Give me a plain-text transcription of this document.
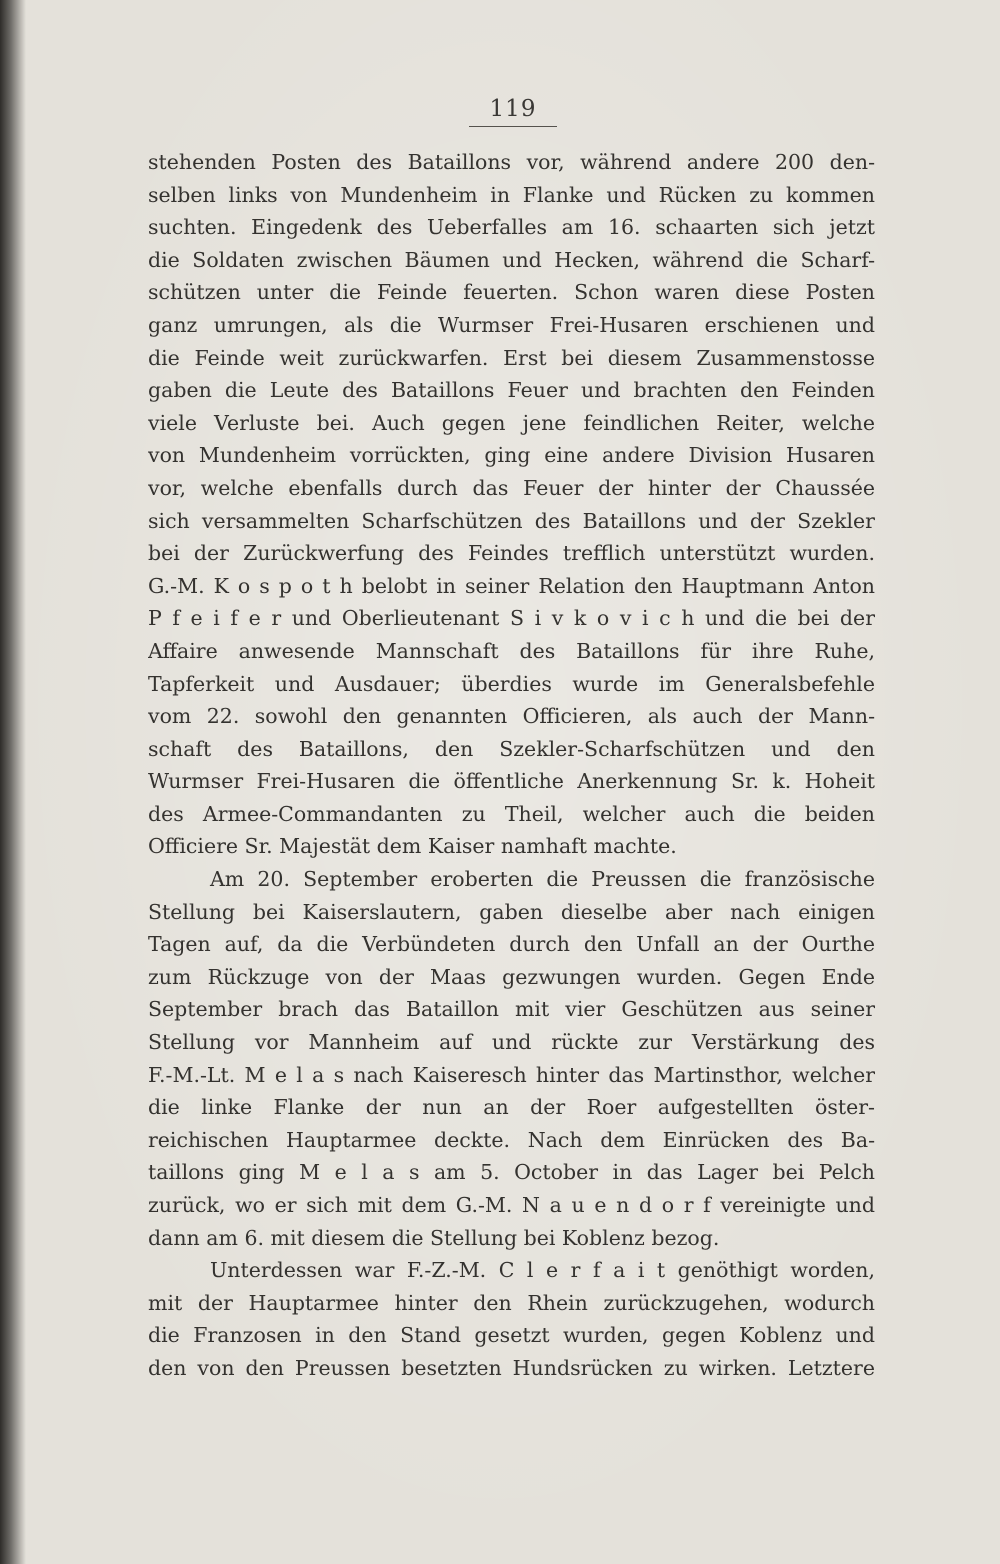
119
stehenden Posten des Bataillons vor, während andere 200 den-
selben links von Mundenheim in Flanke und Rücken zu kommen
suchten. Eingedenk des Ueberfalles am 16. schaarten sich jetzt
die Soldaten zwischen Bäumen und Hecken, während die Scharf-
schützen unter die Feinde feuerten. Schon waren diese Posten
ganz umrungen, als die Wurmser Frei-Husaren erschienen und
die Feinde weit zurückwarfen. Erst bei diesem Zusammenstosse
gaben die Leute des Bataillons Feuer und brachten den Feinden
viele Verluste bei. Auch gegen jene feindlichen Reiter, welche
von Mundenheim vorrückten, ging eine andere Division Husaren
vor, welche ebenfalls durch das Feuer der hinter der Chaussée
sich versammelten Scharfschützen des Bataillons und der Szekler
bei der Zurückwerfung des Feindes trefflich unterstützt wurden.
G.-M. K o s p o t h belobt in seiner Relation den Hauptmann Anton
P f e i f e r und Oberlieutenant S i v k o v i c h und die bei der
Affaire anwesende Mannschaft des Bataillons für ihre Ruhe,
Tapferkeit und Ausdauer; überdies wurde im Generalsbefehle
vom 22. sowohl den genannten Officieren, als auch der Mann-
schaft des Bataillons, den Szekler-Scharfschützen und den
Wurmser Frei-Husaren die öffentliche Anerkennung Sr. k. Hoheit
des Armee-Commandanten zu Theil, welcher auch die beiden
Officiere Sr. Majestät dem Kaiser namhaft machte.
Am 20. September eroberten die Preussen die französische
Stellung bei Kaiserslautern, gaben dieselbe aber nach einigen
Tagen auf, da die Verbündeten durch den Unfall an der Ourthe
zum Rückzuge von der Maas gezwungen wurden. Gegen Ende
September brach das Bataillon mit vier Geschützen aus seiner
Stellung vor Mannheim auf und rückte zur Verstärkung des
F.-M.-Lt. M e l a s nach Kaiseresch hinter das Martinsthor, welcher
die linke Flanke der nun an der Roer aufgestellten öster-
reichischen Hauptarmee deckte. Nach dem Einrücken des Ba-
taillons ging M e l a s am 5. October in das Lager bei Pelch
zurück, wo er sich mit dem G.-M. N a u e n d o r f vereinigte und
dann am 6. mit diesem die Stellung bei Koblenz bezog.
Unterdessen war F.-Z.-M. C l e r f a i t genöthigt worden,
mit der Hauptarmee hinter den Rhein zurückzugehen, wodurch
die Franzosen in den Stand gesetzt wurden, gegen Koblenz und
den von den Preussen besetzten Hundsrücken zu wirken. Letztere
